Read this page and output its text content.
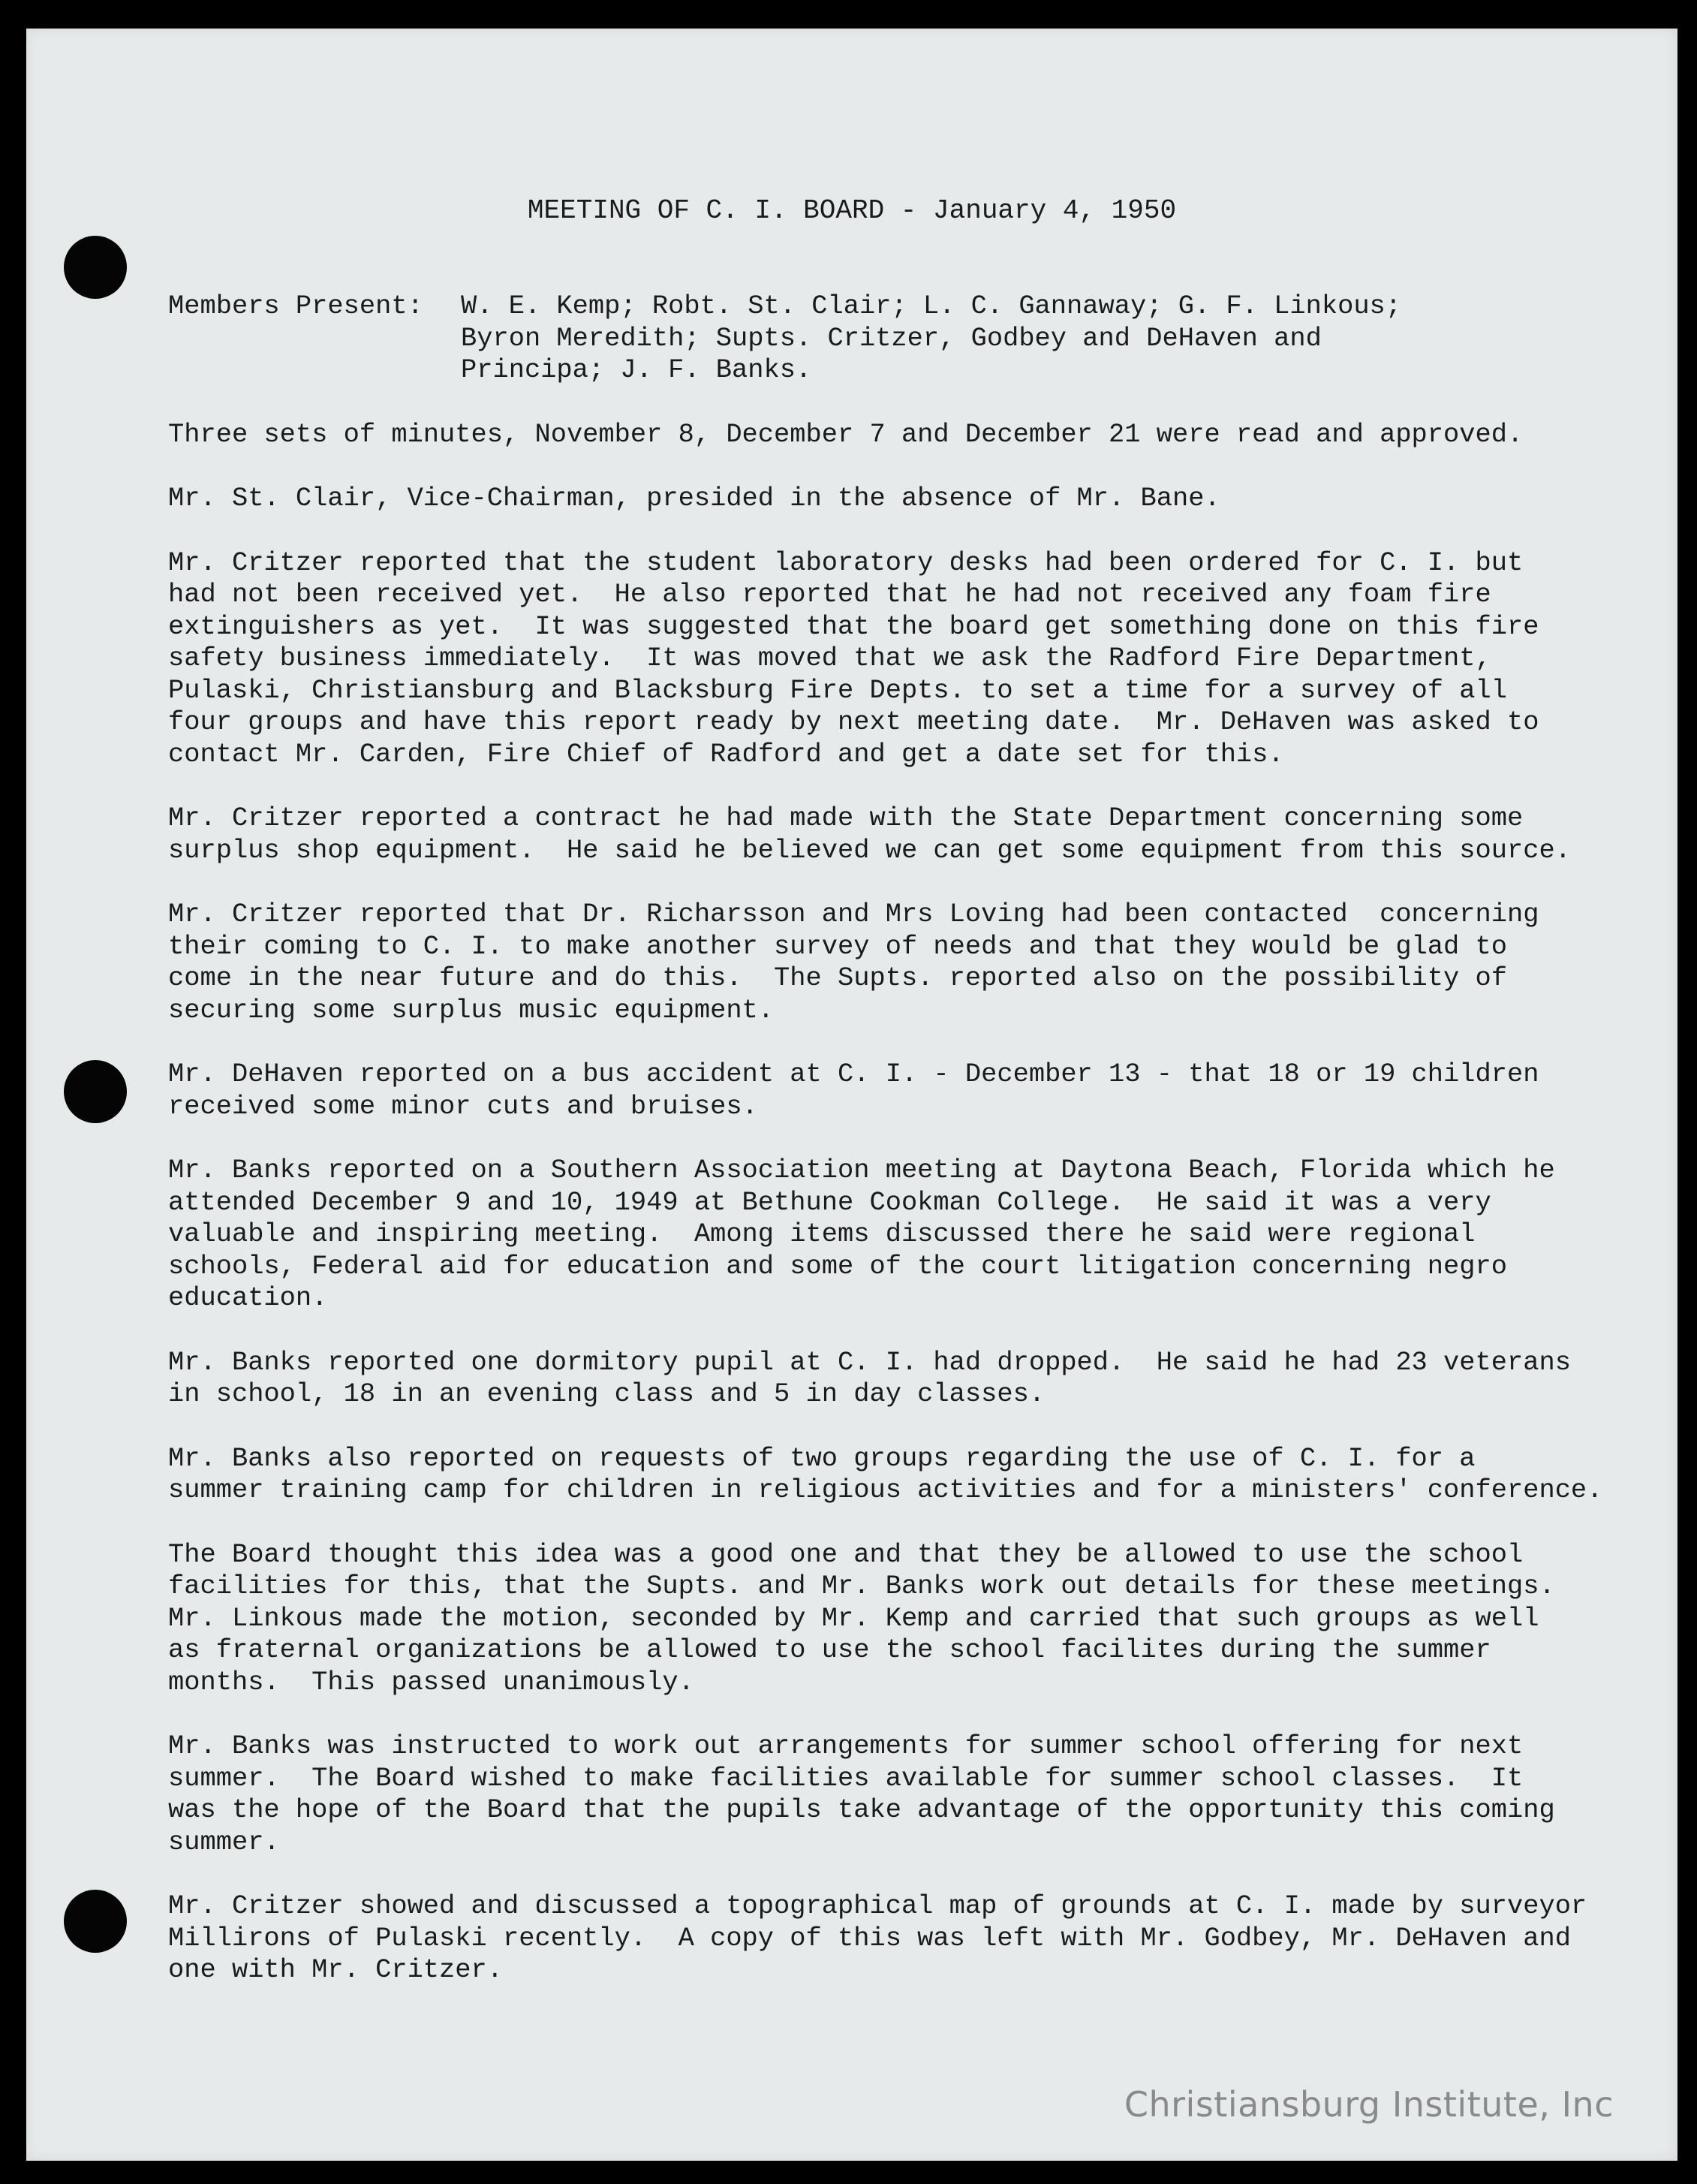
MEETING OF C. I. BOARD - January 4, 1950
Members Present:	W. E. Kemp; Robt. St. Clair; L. C. Gannaway; G. F. Linkous;
Byron Meredith; Supts. Critzer, Godbey and DeHaven and
Principa; J. F. Banks.
Three sets of minutes, November 8, December 7 and December 21 were read and approved.
Mr. St. Clair, Vice-Chairman, presided in the absence of Mr. Bane.
Mr. Critzer reported that the student laboratory desks had been ordered for C. I. but
had not been received yet.  He also reported that he had not received any foam fire
extinguishers as yet.  It was suggested that the board get something done on this fire
safety business immediately.  It was moved that we ask the Radford Fire Department,
Pulaski, Christiansburg and Blacksburg Fire Depts. to set a time for a survey of all
four groups and have this report ready by next meeting date.  Mr. DeHaven was asked to
contact Mr. Carden, Fire Chief of Radford and get a date set for this.
Mr. Critzer reported a contract he had made with the State Department concerning some
surplus shop equipment.  He said he believed we can get some equipment from this source.
Mr. Critzer reported that Dr. Richarsson and Mrs Loving had been contacted  concerning
their coming to C. I. to make another survey of needs and that they would be glad to
come in the near future and do this.  The Supts. reported also on the possibility of
securing some surplus music equipment.
Mr. DeHaven reported on a bus accident at C. I. - December 13 - that 18 or 19 children
received some minor cuts and bruises.
Mr. Banks reported on a Southern Association meeting at Daytona Beach, Florida which he
attended December 9 and 10, 1949 at Bethune Cookman College.  He said it was a very
valuable and inspiring meeting.  Among items discussed there he said were regional
schools, Federal aid for education and some of the court litigation concerning negro
education.
Mr. Banks reported one dormitory pupil at C. I. had dropped.  He said he had 23 veterans
in school, 18 in an evening class and 5 in day classes.
Mr. Banks also reported on requests of two groups regarding the use of C. I. for a
summer training camp for children in religious activities and for a ministers' conference.
The Board thought this idea was a good one and that they be allowed to use the school
facilities for this, that the Supts. and Mr. Banks work out details for these meetings.
Mr. Linkous made the motion, seconded by Mr. Kemp and carried that such groups as well
as fraternal organizations be allowed to use the school facilites during the summer
months.  This passed unanimously.
Mr. Banks was instructed to work out arrangements for summer school offering for next
summer.  The Board wished to make facilities available for summer school classes.  It
was the hope of the Board that the pupils take advantage of the opportunity this coming
summer.
Mr. Critzer showed and discussed a topographical map of grounds at C. I. made by surveyor
Millirons of Pulaski recently.  A copy of this was left with Mr. Godbey, Mr. DeHaven and
one with Mr. Critzer.
Christiansburg Institute, Inc
